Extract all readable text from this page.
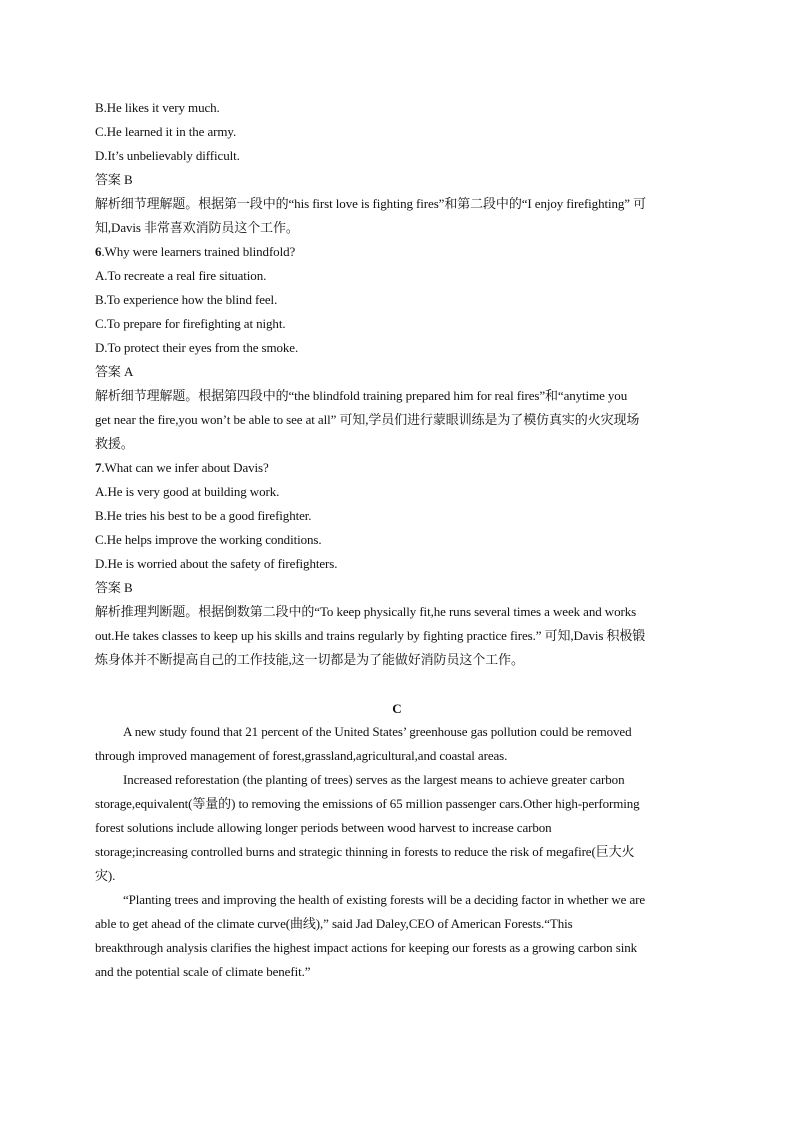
B.He likes it very much.
C.He learned it in the army.
D.It’s unbelievably difficult.
答案 B
解析细节理解题。根据第一段中的“his first love is fighting fires”和第二段中的“I enjoy firefighting” 可
知,Davis 非常喜欢消防员这个工作。
6.Why were learners trained blindfold?
A.To recreate a real fire situation.
B.To experience how the blind feel.
C.To prepare for firefighting at night.
D.To protect their eyes from the smoke.
答案 A
解析细节理解题。根据第四段中的“the blindfold training prepared him for real fires”和“anytime you
get near the fire,you won’t be able to see at all” 可知,学员们进行蒙眼训练是为了模仿真实的火灾现场
救援。
7.What can we infer about Davis?
A.He is very good at building work.
B.He tries his best to be a good firefighter.
C.He helps improve the working conditions.
D.He is worried about the safety of firefighters.
答案 B
解析推理判断题。根据倒数第二段中的“To keep physically fit,he runs several times a week and works
out.He takes classes to keep up his skills and trains regularly by fighting practice fires.” 可知,Davis 积极锻
炼身体并不断提高自己的工作技能,这一切都是为了能做好消防员这个工作。
C
A new study found that 21 percent of the United States’ greenhouse gas pollution could be removed
through improved management of forest,grassland,agricultural,and coastal areas.
Increased reforestation (the planting of trees) serves as the largest means to achieve greater carbon
storage,equivalent(等量的) to removing the emissions of 65 million passenger cars.Other high-performing
forest solutions include allowing longer periods between wood harvest to increase carbon
storage;increasing controlled burns and strategic thinning in forests to reduce the risk of megafire(巨大火
灾).
“Planting trees and improving the health of existing forests will be a deciding factor in whether we are
able to get ahead of the climate curve(曲线),” said Jad Daley,CEO of American Forests.“This
breakthrough analysis clarifies the highest impact actions for keeping our forests as a growing carbon sink
and the potential scale of climate benefit.”
